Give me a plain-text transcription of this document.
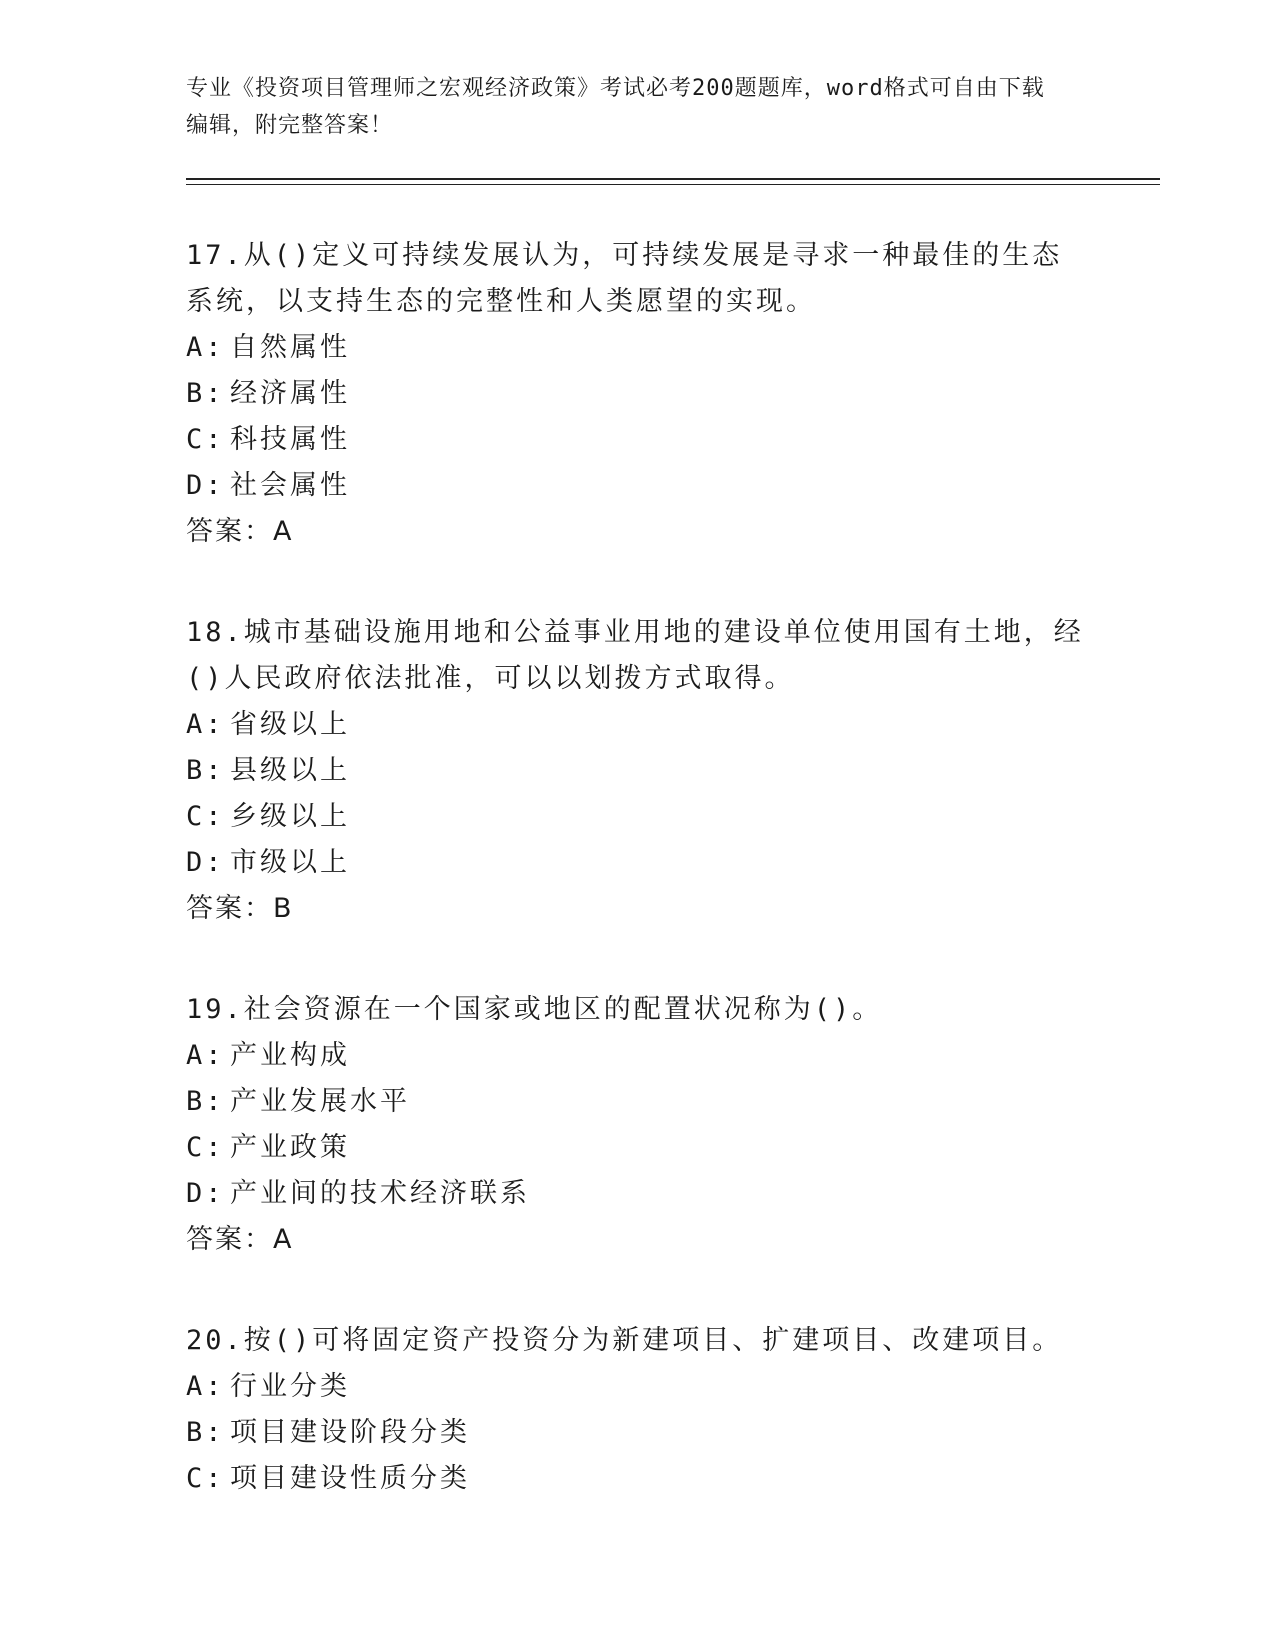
专业《投资项目管理师之宏观经济政策》考试必考200题题库，word格式可自由下载编辑，附完整答案！

17.从()定义可持续发展认为，可持续发展是寻求一种最佳的生态系统，以支持生态的完整性和人类愿望的实现。

A: 自然属性
B: 经济属性
C: 科技属性
D: 社会属性
答案：A

18.城市基础设施用地和公益事业用地的建设单位使用国有土地，经()人民政府依法批准，可以以划拨方式取得。

A: 省级以上
B: 县级以上
C: 乡级以上
D: 市级以上
答案：B

19.社会资源在一个国家或地区的配置状况称为()。

A: 产业构成
B: 产业发展水平
C: 产业政策
D: 产业间的技术经济联系
答案：A

20.按()可将固定资产投资分为新建项目、扩建项目、改建项目。

A: 行业分类
B: 项目建设阶段分类
C: 项目建设性质分类
